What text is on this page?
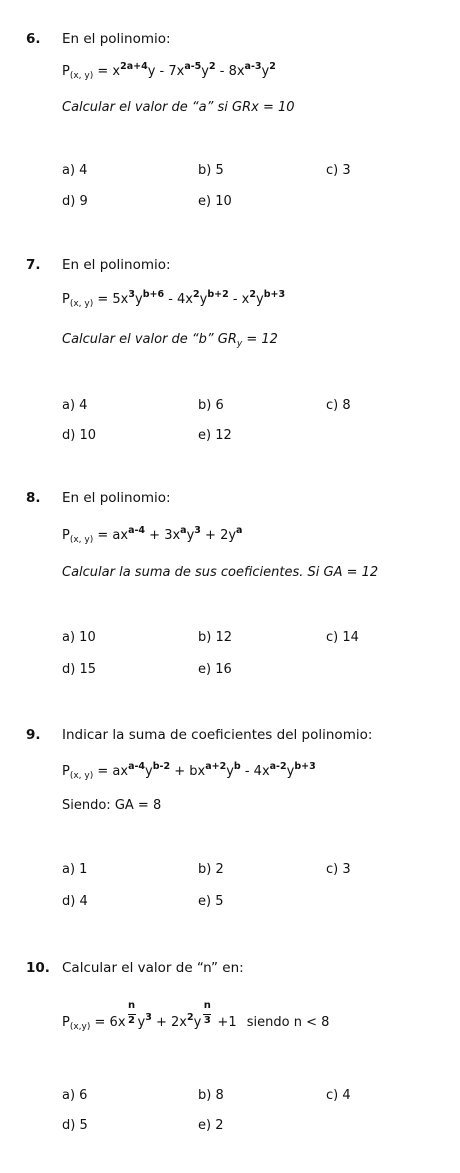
6. En el polinomio:
$P_{(x, y)} = x^{2a+4}y - 7x^{a-5}y^2 - 8x^{a-3}y^2$
Calcular el valor de “a” si GRx = 10
a) 4	b) 5	c) 3
d) 9	e) 10
7. En el polinomio:
$P_{(x, y)} = 5x^3y^{b+6} - 4x^2y^{b+2} - x^2y^{b+3}$
Calcular el valor de “b” $GR_y = 12$
a) 4	b) 6	c) 8
d) 10	e) 12
8. En el polinomio:
$P_{(x, y)} = ax^{a-4} + 3x^ay^3 + 2y^a$
Calcular la suma de sus coeficientes. Si GA = 12
a) 10	b) 12	c) 14
d) 15	e) 16
9. Indicar la suma de coeficientes del polinomio:
$P_{(x, y)} = ax^{a-4}y^{b-2} + bx^{a+2}y^b - 4x^{a-2}y^{b+3}$
Siendo: GA = 8
a) 1	b) 2	c) 3
d) 4	e) 5
10. Calcular el valor de “n” en:
$P_{(x,y)} = 6x$
$\frac{n}{2}$
$y^3 + 2x^2y$
$\frac{n}{3}$
+1 siendo n < 8
a) 6	b) 8	c) 4
d) 5	e) 2
